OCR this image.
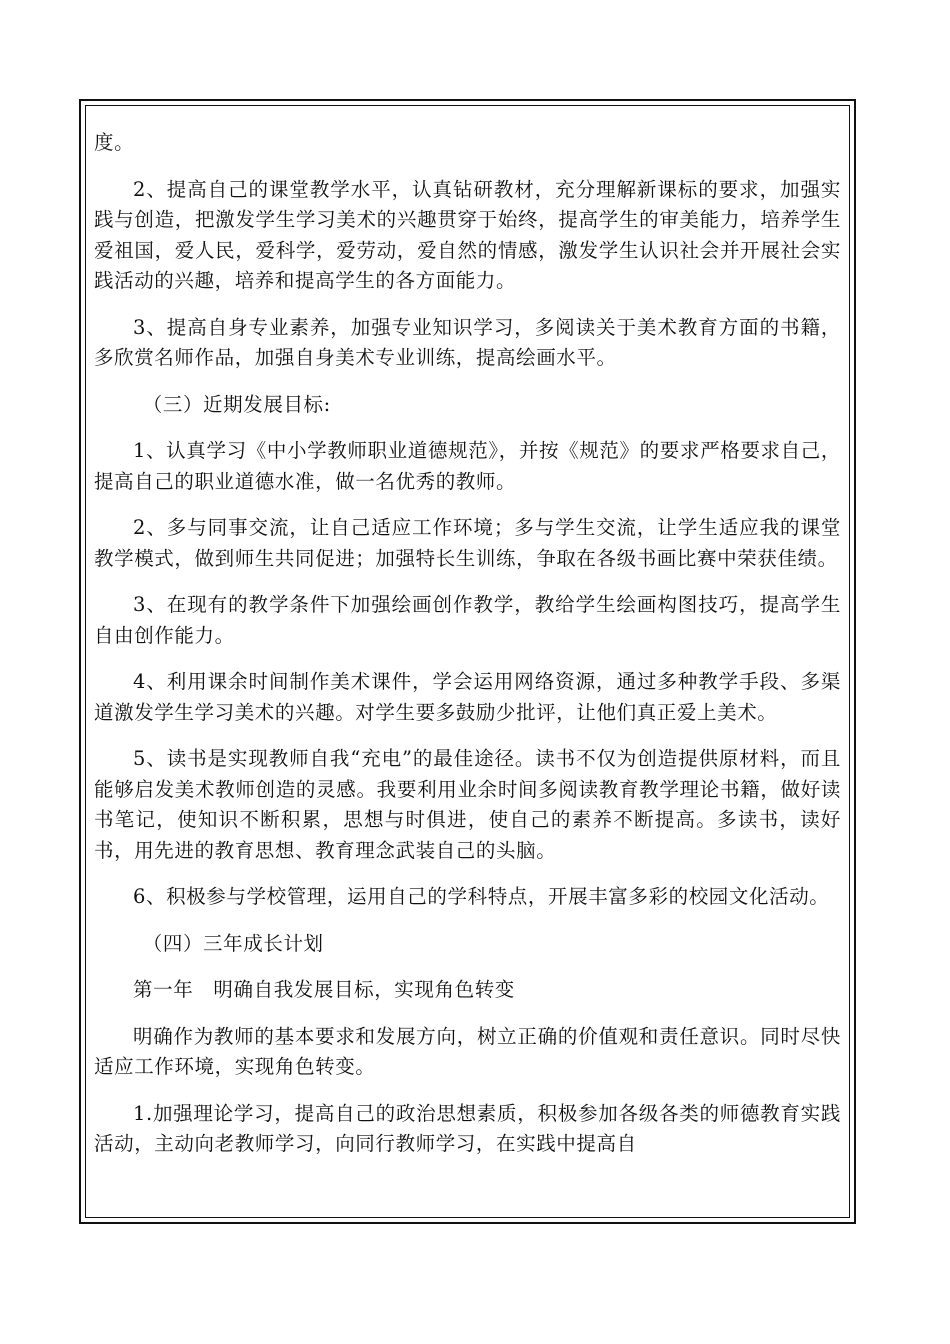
度。

2、提高自己的课堂教学水平，认真钻研教材，充分理解新课标的要求，加强实践与创造，把激发学生学习美术的兴趣贯穿于始终，提高学生的审美能力，培养学生爱祖国，爱人民，爱科学，爱劳动，爱自然的情感，激发学生认识社会并开展社会实践活动的兴趣，培养和提高学生的各方面能力。

3、提高自身专业素养，加强专业知识学习，多阅读关于美术教育方面的书籍，多欣赏名师作品，加强自身美术专业训练，提高绘画水平。

（三）近期发展目标:

1、认真学习《中小学教师职业道德规范》，并按《规范》的要求严格要求自己，提高自己的职业道德水准，做一名优秀的教师。

2、多与同事交流，让自己适应工作环境；多与学生交流，让学生适应我的课堂教学模式，做到师生共同促进；加强特长生训练，争取在各级书画比赛中荣获佳绩。

3、在现有的教学条件下加强绘画创作教学，教给学生绘画构图技巧，提高学生自由创作能力。

4、利用课余时间制作美术课件，学会运用网络资源，通过多种教学手段、多渠道激发学生学习美术的兴趣。对学生要多鼓励少批评，让他们真正爱上美术。

5、读书是实现教师自我“充电”的最佳途径。读书不仅为创造提供原材料，而且能够启发美术教师创造的灵感。我要利用业余时间多阅读教育教学理论书籍，做好读书笔记，使知识不断积累，思想与时俱进，使自己的素养不断提高。多读书，读好书，用先进的教育思想、教育理念武装自己的头脑。

6、积极参与学校管理，运用自己的学科特点，开展丰富多彩的校园文化活动。

（四）三年成长计划

第一年　明确自我发展目标，实现角色转变

明确作为教师的基本要求和发展方向，树立正确的价值观和责任意识。同时尽快适应工作环境，实现角色转变。

1.加强理论学习，提高自己的政治思想素质，积极参加各级各类的师德教育实践活动，主动向老教师学习，向同行教师学习，在实践中提高自
